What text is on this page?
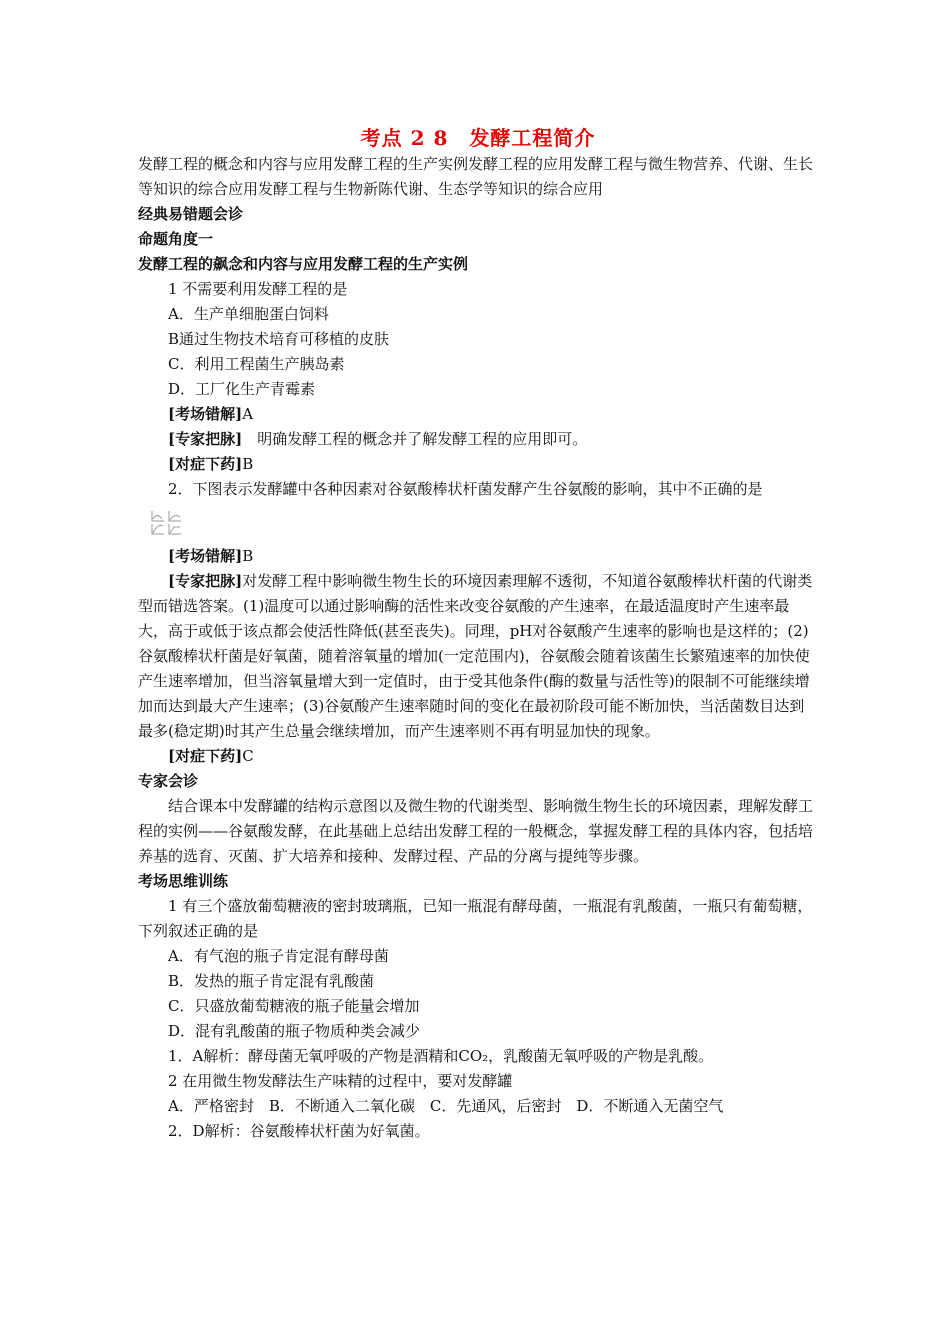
考点 2 8　发酵工程简介

发酵工程的概念和内容与应用发酵工程的生产实例发酵工程的应用发酵工程与微生物营养、代谢、生长等知识的综合应用发酵工程与生物新陈代谢、生态学等知识的综合应用

经典易错题会诊

命题角度一

发酵工程的飙念和内容与应用发酵工程的生产实例

1 不需要利用发酵工程的是

A．生产单细胞蛋白饲料

B通过生物技术培育可移植的皮肤

C．利用工程菌生产胰岛素

D．工厂化生产青霉素

[考场错解]A

[专家把脉]　明确发酵工程的概念并了解发酵工程的应用即可。

[对症下药]B

2．下图表示发酵罐中各种因素对谷氨酸棒状杆菌发酵产生谷氨酸的影响，其中不正确的是

[考场错解]B

[专家把脉]对发酵工程中影响微生物生长的环境因素理解不透彻，不知道谷氨酸棒状杆菌的代谢类型而错选答案。(1)温度可以通过影响酶的活性来改变谷氨酸的产生速率，在最适温度时产生速率最大，高于或低于该点都会使活性降低(甚至丧失)。同理，pH对谷氨酸产生速率的影响也是这样的；(2)谷氨酸棒状杆菌是好氧菌，随着溶氧量的增加(一定范围内)，谷氨酸会随着该菌生长繁殖速率的加快使产生速率增加，但当溶氧量增大到一定值时，由于受其他条件(酶的数量与活性等)的限制不可能继续增加而达到最大产生速率；(3)谷氨酸产生速率随时间的变化在最初阶段可能不断加快，当活菌数目达到最多(稳定期)时其产生总量会继续增加，而产生速率则不再有明显加快的现象。

[对症下药]C

专家会诊

结合课本中发酵罐的结构示意图以及微生物的代谢类型、影响微生物生长的环境因素，理解发酵工程的实例——谷氨酸发酵，在此基础上总结出发酵工程的一般概念，掌握发酵工程的具体内容，包括培养基的选育、灭菌、扩大培养和接种、发酵过程、产品的分离与提纯等步骤。

考场思维训练

1 有三个盛放葡萄糖液的密封玻璃瓶，已知一瓶混有酵母菌，一瓶混有乳酸菌，一瓶只有葡萄糖，下列叙述正确的是

A．有气泡的瓶子肯定混有酵母菌

B．发热的瓶子肯定混有乳酸菌

C．只盛放葡萄糖液的瓶子能量会增加

D．混有乳酸菌的瓶子物质种类会减少

1．A解析：酵母菌无氧呼吸的产物是酒精和CO₂，乳酸菌无氧呼吸的产物是乳酸。

2 在用微生物发酵法生产味精的过程中，要对发酵罐

A．严格密封　B．不断通入二氧化碳　C．先通风，后密封　D．不断通入无菌空气

2．D解析：谷氨酸棒状杆菌为好氧菌。
